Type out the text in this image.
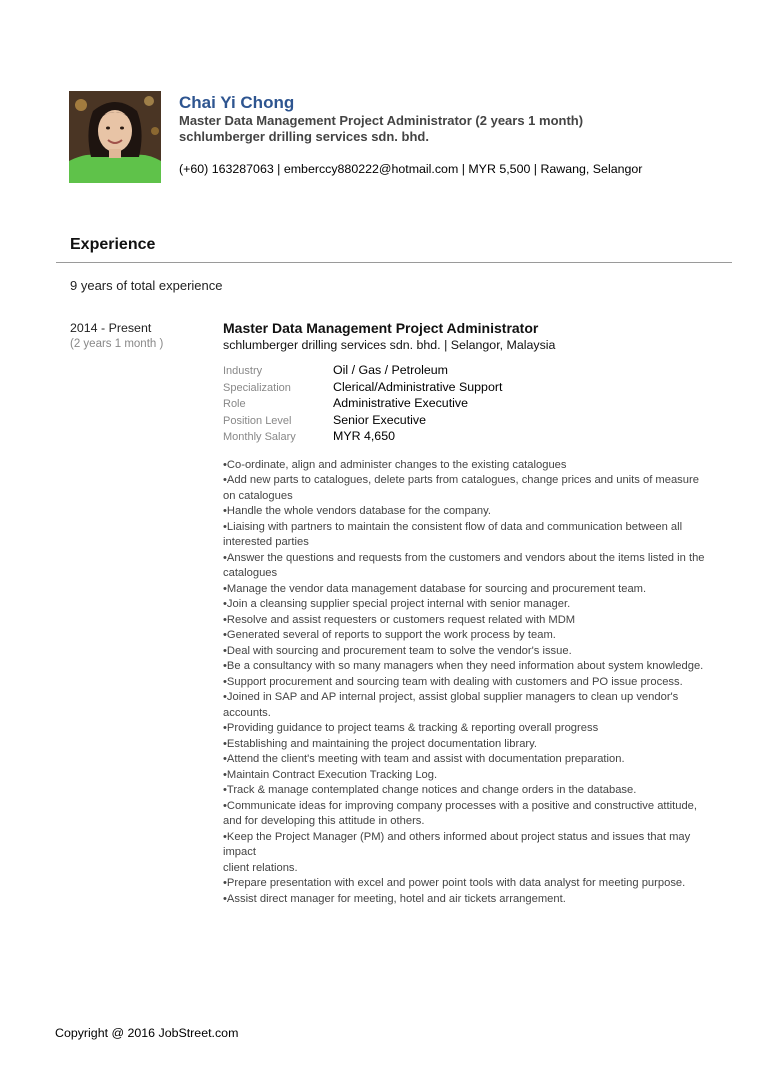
Chai Yi Chong
Master Data Management Project Administrator (2 years 1 month)
schlumberger drilling services sdn. bhd.
(+60) 163287063 | emberccy880222@hotmail.com | MYR 5,500 | Rawang, Selangor
Experience
9 years of total experience
2014 - Present
(2 years 1 month )
Master Data Management Project Administrator
schlumberger drilling services sdn. bhd. | Selangor, Malaysia
Industry	Oil / Gas / Petroleum
Specialization	Clerical/Administrative Support
Role	Administrative Executive
Position Level	Senior Executive
Monthly Salary	MYR 4,650

•Co-ordinate, align and administer changes to the existing catalogues

•Add new parts to catalogues, delete parts from catalogues, change prices and units of measure on catalogues

•Handle the whole vendors database for the company.

•Liaising with partners to maintain the consistent flow of data and communication between all interested parties

•Answer the questions and requests from the customers and vendors about the items listed in the catalogues

•Manage the vendor data management database for sourcing and procurement team.

•Join a cleansing supplier special project internal with senior manager.

•Resolve and assist requesters or customers request related with MDM

•Generated several of reports to support the work process by team.

•Deal with sourcing and procurement team to solve the vendor's issue.

•Be a consultancy with so many managers when they need information about system knowledge.

•Support procurement and sourcing team with dealing with customers and PO issue process.

•Joined in SAP and AP internal project, assist global supplier managers to clean up vendor's accounts.

•Providing guidance to project teams & tracking & reporting overall progress

•Establishing and maintaining the project documentation library.

•Attend the client's meeting with team and assist with documentation preparation.

•Maintain Contract Execution Tracking Log.

•Track & manage contemplated change notices and change orders in the database.

•Communicate ideas for improving company processes with a positive and constructive attitude, and for developing this attitude in others.

•Keep the Project Manager (PM) and others informed about project status and issues that may impact

client relations.

•Prepare presentation with excel and power point tools with data analyst for meeting purpose.

•Assist direct manager for meeting, hotel and air tickets arrangement.

Copyright @ 2016 JobStreet.com
